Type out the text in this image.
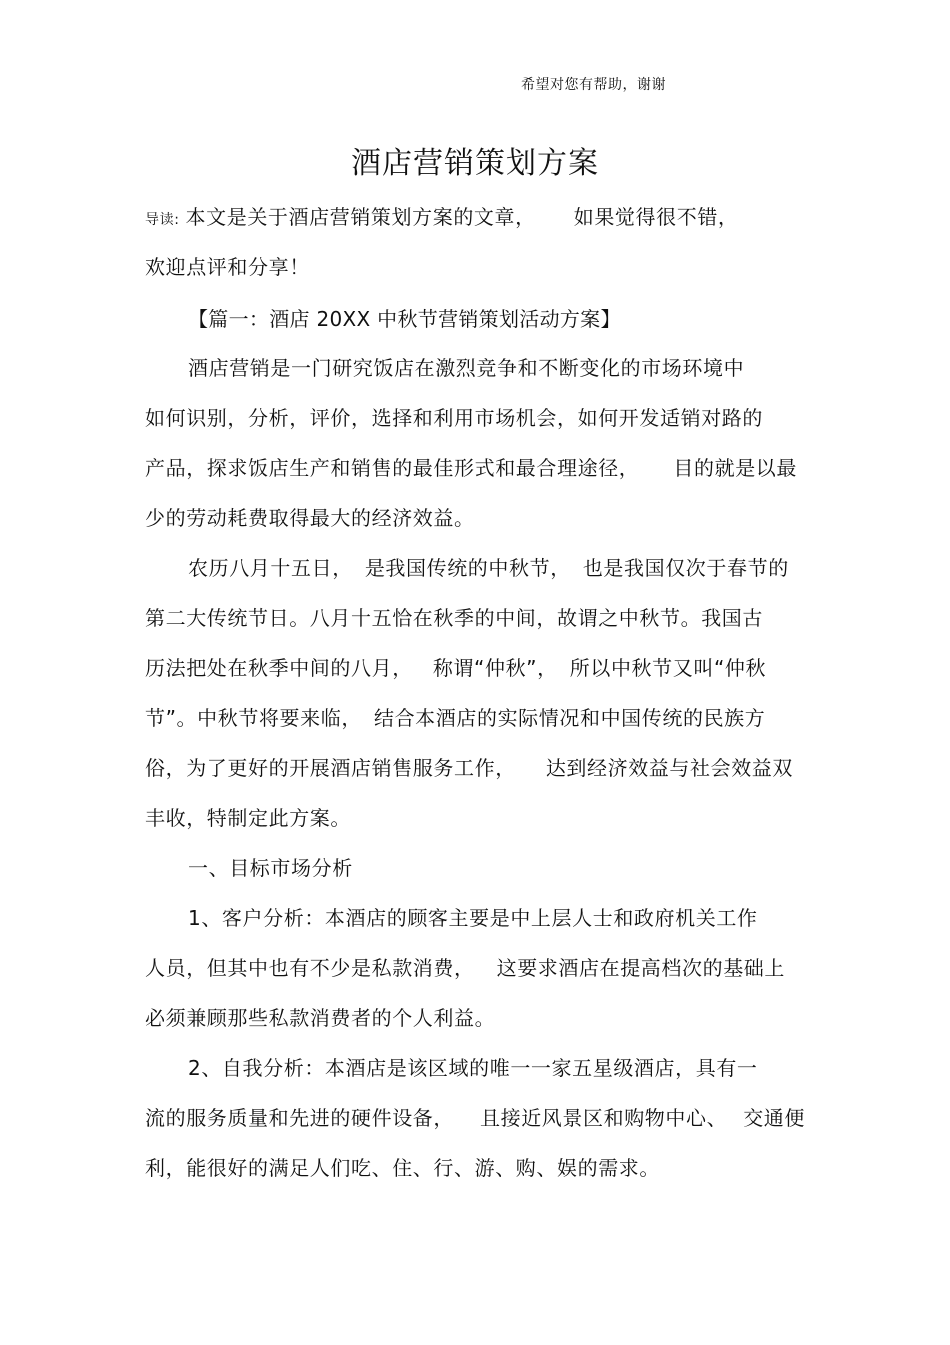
希望对您有帮助，谢谢
酒店营销策划方案
导读: 本文是关于酒店营销策划方案的文章， 如果觉得很不错，
欢迎点评和分享！
【篇一：酒店 20XX 中秋节营销策划活动方案】
酒店营销是一门研究饭店在激烈竞争和不断变化的市场环境中
如何识别，分析，评价，选择和利用市场机会，如何开发适销对路的
产品，探求饭店生产和销售的最佳形式和最合理途径， 目的就是以最
少的劳动耗费取得最大的经济效益。
农历八月十五日， 是我国传统的中秋节， 也是我国仅次于春节的
第二大传统节日。八月十五恰在秋季的中间，故谓之中秋节。我国古
历法把处在秋季中间的八月， 称谓“仲秋”， 所以中秋节又叫“仲秋
节”。中秋节将要来临， 结合本酒店的实际情况和中国传统的民族方
俗，为了更好的开展酒店销售服务工作， 达到经济效益与社会效益双
丰收，特制定此方案。
一、目标市场分析
1、客户分析：本酒店的顾客主要是中上层人士和政府机关工作
人员，但其中也有不少是私款消费， 这要求酒店在提高档次的基础上
必须兼顾那些私款消费者的个人利益。
2、自我分析：本酒店是该区域的唯一一家五星级酒店，具有一
流的服务质量和先进的硬件设备， 且接近风景区和购物中心、 交通便
利，能很好的满足人们吃、住、行、游、购、娱的需求。
